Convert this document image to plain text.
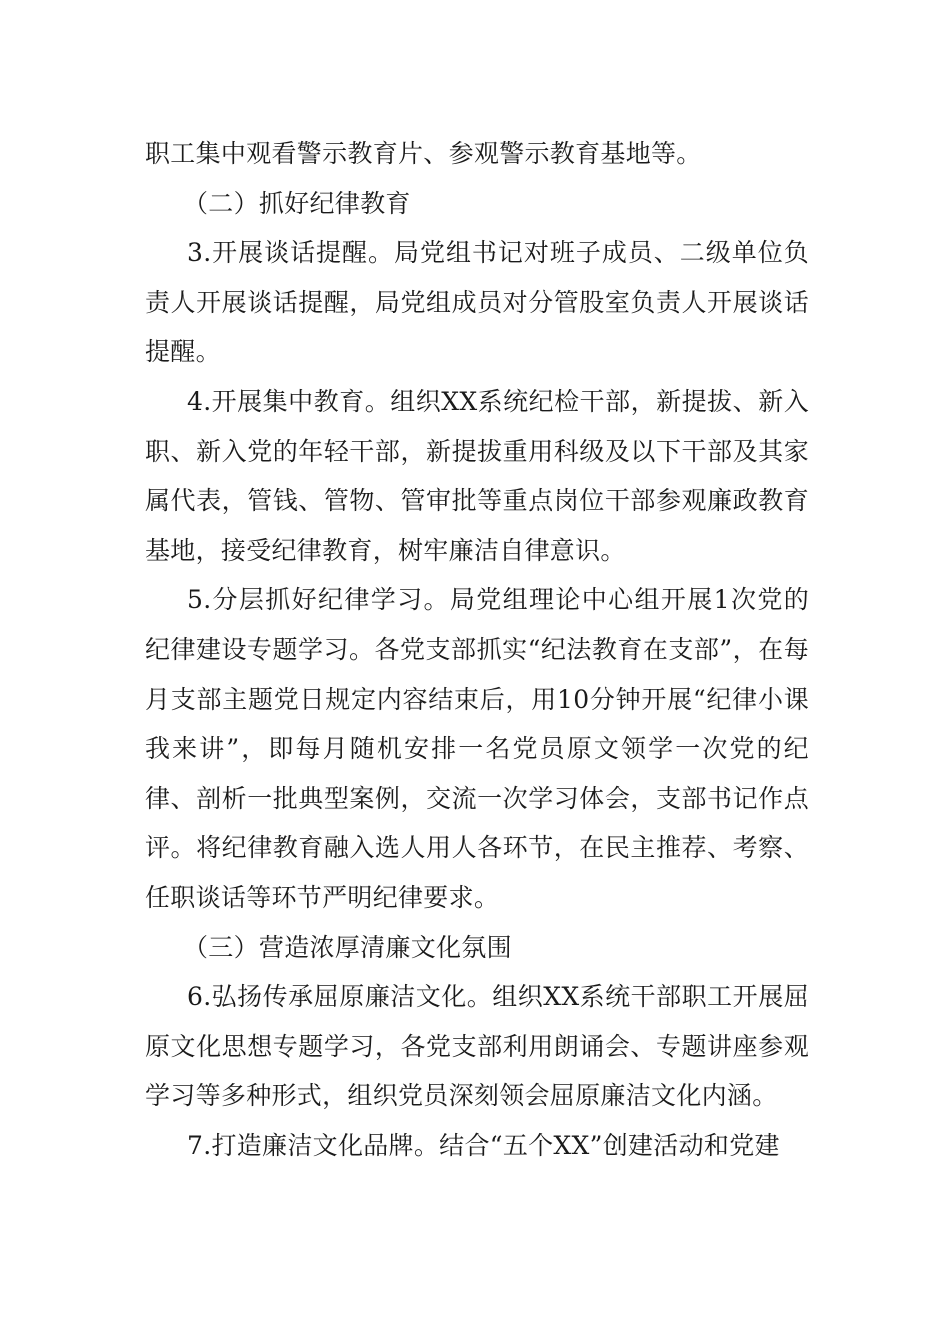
职工集中观看警示教育片、参观警示教育基地等。

（二）抓好纪律教育

3.开展谈话提醒。局党组书记对班子成员、二级单位负责人开展谈话提醒，局党组成员对分管股室负责人开展谈话提醒。

4.开展集中教育。组织XX系统纪检干部，新提拔、新入职、新入党的年轻干部，新提拔重用科级及以下干部及其家属代表，管钱、管物、管审批等重点岗位干部参观廉政教育基地，接受纪律教育，树牢廉洁自律意识。

5.分层抓好纪律学习。局党组理论中心组开展1次党的纪律建设专题学习。各党支部抓实“纪法教育在支部”，在每月支部主题党日规定内容结束后，用10分钟开展“纪律小课我来讲”，即每月随机安排一名党员原文领学一次党的纪律、剖析一批典型案例，交流一次学习体会，支部书记作点评。将纪律教育融入选人用人各环节，在民主推荐、考察、任职谈话等环节严明纪律要求。

（三）营造浓厚清廉文化氛围

6.弘扬传承屈原廉洁文化。组织XX系统干部职工开展屈原文化思想专题学习，各党支部利用朗诵会、专题讲座参观学习等多种形式，组织党员深刻领会屈原廉洁文化内涵。

7.打造廉洁文化品牌。结合“五个XX”创建活动和党建
